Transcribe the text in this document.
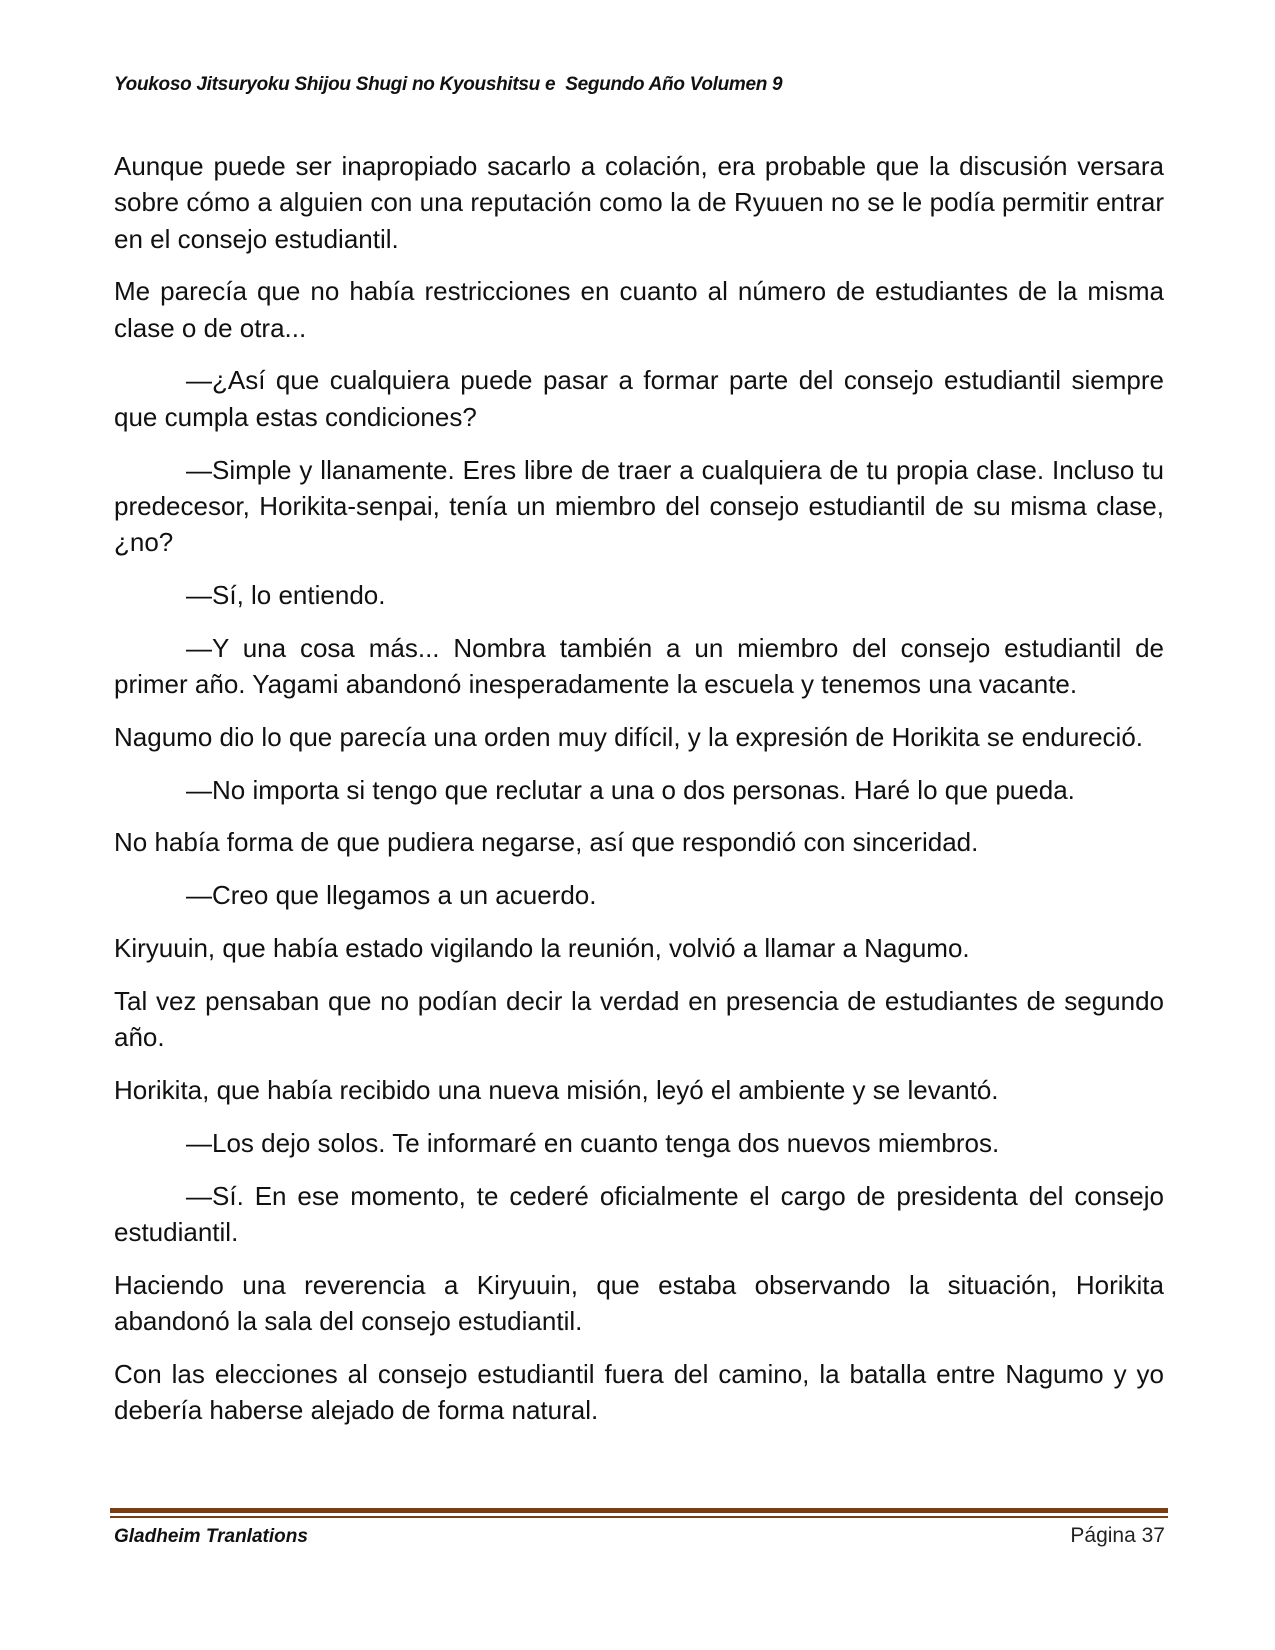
Youkoso Jitsuryoku Shijou Shugi no Kyoushitsu e  Segundo Año Volumen 9

Aunque puede ser inapropiado sacarlo a colación, era probable que la discusión versara sobre cómo a alguien con una reputación como la de Ryuuen no se le podía permitir entrar en el consejo estudiantil.

Me parecía que no había restricciones en cuanto al número de estudiantes de la misma clase o de otra...

—¿Así que cualquiera puede pasar a formar parte del consejo estudiantil siempre que cumpla estas condiciones?

—Simple y llanamente. Eres libre de traer a cualquiera de tu propia clase. Incluso tu predecesor, Horikita-senpai, tenía un miembro del consejo estudiantil de su misma clase, ¿no?

—Sí, lo entiendo.

—Y una cosa más... Nombra también a un miembro del consejo estudiantil de primer año. Yagami abandonó inesperadamente la escuela y tenemos una vacante.

Nagumo dio lo que parecía una orden muy difícil, y la expresión de Horikita se endureció.

—No importa si tengo que reclutar a una o dos personas. Haré lo que pueda.

No había forma de que pudiera negarse, así que respondió con sinceridad.

—Creo que llegamos a un acuerdo.

Kiryuuin, que había estado vigilando la reunión, volvió a llamar a Nagumo.

Tal vez pensaban que no podían decir la verdad en presencia de estudiantes de segundo año.

Horikita, que había recibido una nueva misión, leyó el ambiente y se levantó.

—Los dejo solos. Te informaré en cuanto tenga dos nuevos miembros.

—Sí. En ese momento, te cederé oficialmente el cargo de presidenta del consejo estudiantil.

Haciendo una reverencia a Kiryuuin, que estaba observando la situación, Horikita abandonó la sala del consejo estudiantil.

Con las elecciones al consejo estudiantil fuera del camino, la batalla entre Nagumo y yo debería haberse alejado de forma natural.

Gladheim Tranlations	Página 37
